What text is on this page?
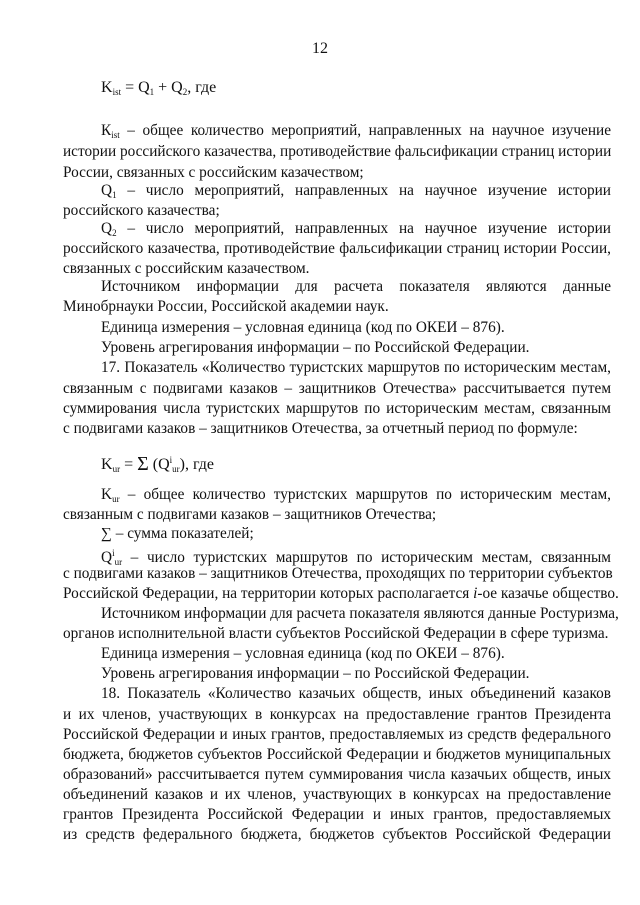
12
$K_{ist} = Q_1 + Q_2$, где
$К_{ist}$ – общее количество мероприятий, направленных на научное изучение
истории российского казачества, противодействие фальсификации страниц истории
России, связанных с российским казачеством;
$Q_1$ – число мероприятий, направленных на научное изучение истории
российского казачества;
$Q_2$ – число мероприятий, направленных на научное изучение истории
российского казачества, противодействие фальсификации страниц истории России,
связанных с российским казачеством.
Источником информации для расчета показателя являются данные
Минобрнауки России, Российской академии наук.
Единица измерения – условная единица (код по ОКЕИ – 876).
Уровень агрегирования информации – по Российской Федерации.
17. Показатель «Количество туристских маршрутов по историческим местам,
связанным с подвигами казаков – защитников Отечества» рассчитывается путем
суммирования числа туристских маршрутов по историческим местам, связанным
с подвигами казаков – защитников Отечества, за отчетный период по формуле:
$K_{ur} = \Sigma$ $(Q^i_{ur})$, где
$K_{ur}$ – общее количество туристских маршрутов по историческим местам,
связанным с подвигами казаков – защитников Отечества;
∑ – сумма показателей;
$Q^i_{ur}$ – число туристских маршрутов по историческим местам, связанным
с подвигами казаков – защитников Отечества, проходящих по территории субъектов
Российской Федерации, на территории которых располагается i-ое казачье общество.
Источником информации для расчета показателя являются данные Ростуризма,
органов исполнительной власти субъектов Российской Федерации в сфере туризма.
Единица измерения – условная единица (код по ОКЕИ – 876).
Уровень агрегирования информации – по Российской Федерации.
18. Показатель «Количество казачьих обществ, иных объединений казаков
и их членов, участвующих в конкурсах на предоставление грантов Президента
Российской Федерации и иных грантов, предоставляемых из средств федерального
бюджета, бюджетов субъектов Российской Федерации и бюджетов муниципальных
образований» рассчитывается путем суммирования числа казачьих обществ, иных
объединений казаков и их членов, участвующих в конкурсах на предоставление
грантов Президента Российской Федерации и иных грантов, предоставляемых
из средств федерального бюджета, бюджетов субъектов Российской Федерации
